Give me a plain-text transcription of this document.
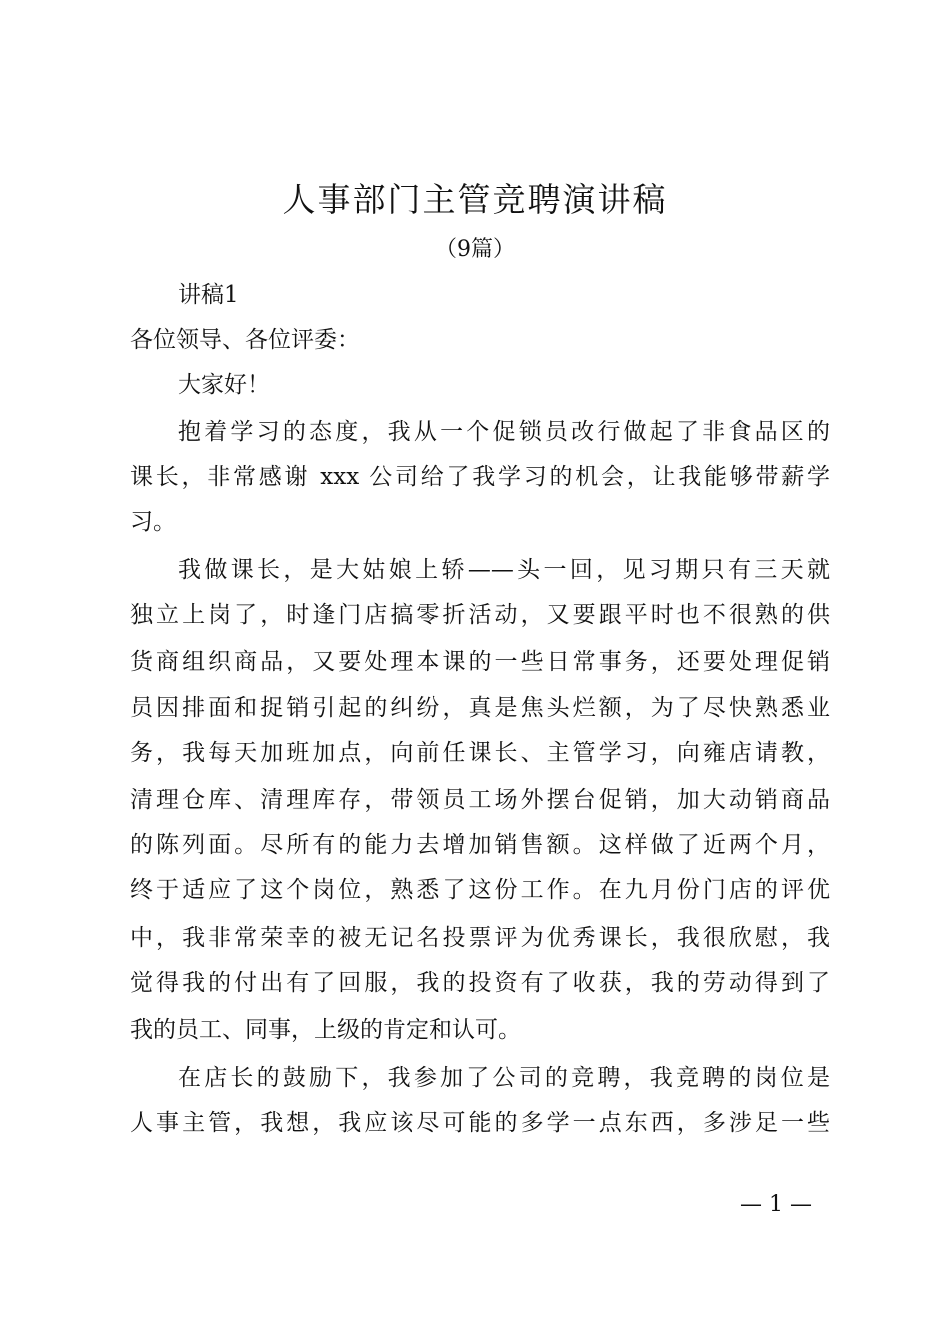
人事部门主管竞聘演讲稿
（9篇）
讲稿1
各位领导、各位评委：
大家好！
抱着学习的态度，我从一个促锁员改行做起了非食品区的
课长，非常感谢 xxx 公司给了我学习的机会，让我能够带薪学
习。
我做课长，是大姑娘上轿——头一回，见习期只有三天就
独立上岗了，时逢门店搞零折活动，又要跟平时也不很熟的供
货商组织商品，又要处理本课的一些日常事务，还要处理促销
员因排面和捉销引起的纠纷，真是焦头烂额，为了尽快熟悉业
务，我每天加班加点，向前任课长、主管学习，向雍店请教，
清理仓库、清理库存，带领员工场外摆台促销，加大动销商品
的陈列面。尽所有的能力去增加销售额。这样做了近两个月，
终于适应了这个岗位，熟悉了这份工作。在九月份门店的评优
中，我非常荣幸的被无记名投票评为优秀课长，我很欣慰，我
觉得我的付出有了回服，我的投资有了收获，我的劳动得到了
我的员工、同事，上级的肯定和认可。
在店长的鼓励下，我参加了公司的竞聘，我竞聘的岗位是
人事主管，我想，我应该尽可能的多学一点东西，多涉足一些
— 1 —
